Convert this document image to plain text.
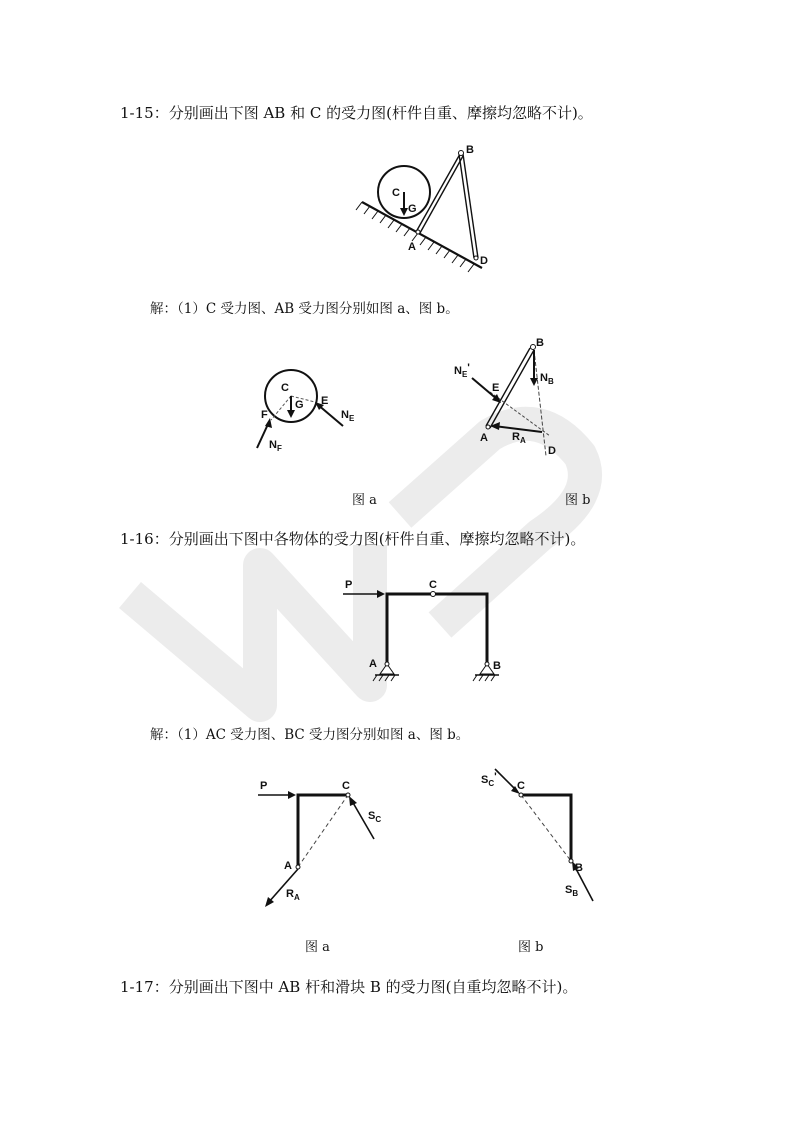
1-15：分别画出下图 AB 和 C 的受力图(杆件自重、摩擦均忽略不计)。
C
G
A
B
D
解：（1）C 受力图、AB 受力图分别如图 a、图 b。
C
G
F
E
$N_E$
$N_F$
B
E
A
D
$N_E'$
$N_B$
$R_A$
图 a	图 b
1-16：分别画出下图中各物体的受力图(杆件自重、摩擦均忽略不计)。
P	C
A	B
解：（1）AC 受力图、BC 受力图分别如图 a、图 b。
P	C
A
$S_C$
$R_A$
$S_C'$
C
B
$S_B$
图 a	图 b
1-17：分别画出下图中 AB 杆和滑块 B 的受力图(自重均忽略不计)。
